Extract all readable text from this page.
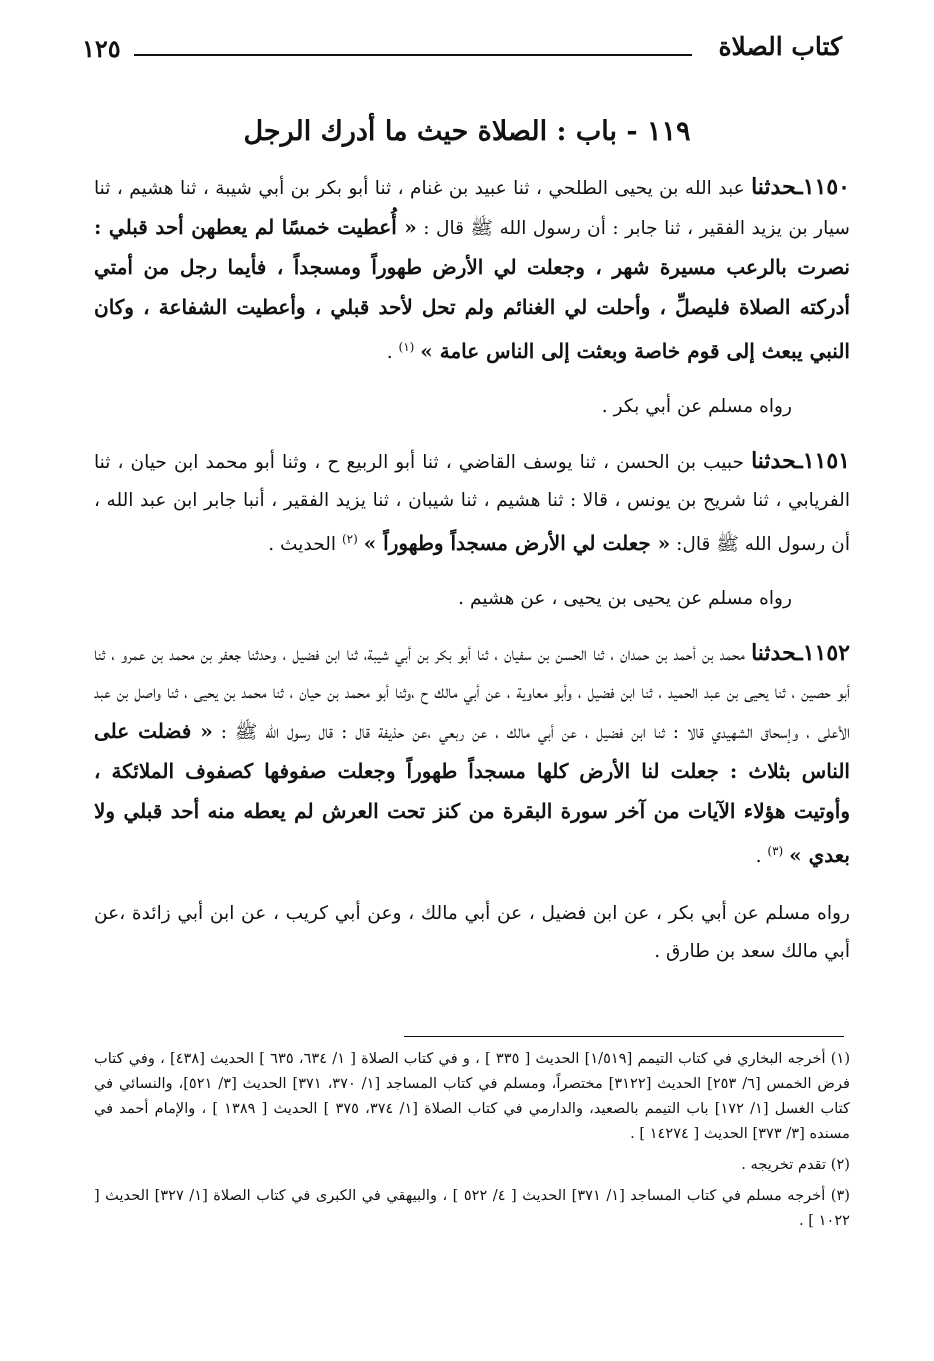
كتاب الصلاة
١٢٥
١١٩ - باب : الصلاة حيث ما أدرك الرجل

١١٥٠ـحدثنا عبد الله بن يحيى الطلحي ، ثنا عبيد بن غنام ، ثنا أبو بكر بن أبي شيبة ، ثنا هشيم ، ثنا سيار بن يزيد الفقير ، ثنا جابر : أن رسول الله ﷺ قال : « أُعطيت خمسًا لم يعطهن أحد قبلي : نصرت بالرعب مسيرة شهر ، وجعلت لي الأرض طهوراً ومسجداً ، فأيما رجل من أمتي أدركته الصلاة فليصلِّ ، وأحلت لي الغنائم ولم تحل لأحد قبلي ، وأعطيت الشفاعة ، وكان النبي يبعث إلى قوم خاصة وبعثت إلى الناس عامة » $^{(١)}$ .

رواه مسلم عن أبي بكر .

١١٥١ـحدثنا حبيب بن الحسن ، ثنا يوسف القاضي ، ثنا أبو الربيع ح ، وثنا أبو محمد ابن حيان ، ثنا الفريابي ، ثنا شريح بن يونس ، قالا : ثنا هشيم ، ثنا شيبان ، ثنا يزيد الفقير ، أنبا جابر ابن عبد الله ، أن رسول الله ﷺ قال: « جعلت لي الأرض مسجداً وطهوراً » $^{(٢)}$ الحديث .

رواه مسلم عن يحيى بن يحيى ، عن هشيم .

١١٥٢ـحدثنا محمد بن أحمد بن حمدان ، ثنا الحسن بن سفيان ، ثنا أبو بكر بن أبي شيبة، ثنا ابن فضيل ، وحدثنا جعفر بن محمد بن عمرو ، ثنا أبو حصين ، ثنا يحيى بن عبد الحميد ، ثنا ابن فضيل ، وأبو معاوية ، عن أبي مالك ح ،وثنا أبو محمد بن حيان ، ثنا محمد بن يحيى ، ثنا واصل بن عبد الأعلى ، وإسحاق الشهيدي قالا : ثنا ابن فضيل ، عن أبي مالك ، عن ربعي ،عن حذيفة قال : قال رسول الله ﷺ : « فضلت على الناس بثلاث : جعلت لنا الأرض كلها مسجداً طهوراً وجعلت صفوفها كصفوف الملائكة ، وأوتيت هؤلاء الآيات من آخر سورة البقرة من كنز تحت العرش لم يعطه منه أحد قبلي ولا بعدي » $^{(٣)}$ .

رواه مسلم عن أبي بكر ، عن ابن فضيل ، عن أبي مالك ، وعن أبي كريب ، عن ابن أبي زائدة ،عن أبي مالك سعد بن طارق .

(١) أخرجه البخاري في كتاب التيمم [١/٥١٩] الحديث [ ٣٣٥ ] ، و في كتاب الصلاة [ ١/ ٦٣٤، ٦٣٥ ] الحديث [٤٣٨] ، وفي كتاب فرض الخمس [٦/ ٢٥٣] الحديث [٣١٢٢] مختصراً، ومسلم في كتاب المساجد [١/ ٣٧٠، ٣٧١] الحديث [٣/ ٥٢١]، والنسائي في كتاب الغسل [١/ ١٧٢] باب التيمم بالصعيد، والدارمي في كتاب الصلاة [١/ ٣٧٤، ٣٧٥ ] الحديث [ ١٣٨٩ ] ، والإمام أحمد في مسنده [٣/ ٣٧٣] الحديث [ ١٤٢٧٤ ] .

(٢) تقدم تخريجه .

(٣) أخرجه مسلم في كتاب المساجد [١/ ٣٧١] الحديث [ ٤/ ٥٢٢ ] ، والبيهقي في الكبرى في كتاب الصلاة [١/ ٣٢٧] الحديث [ ١٠٢٢ ] .
